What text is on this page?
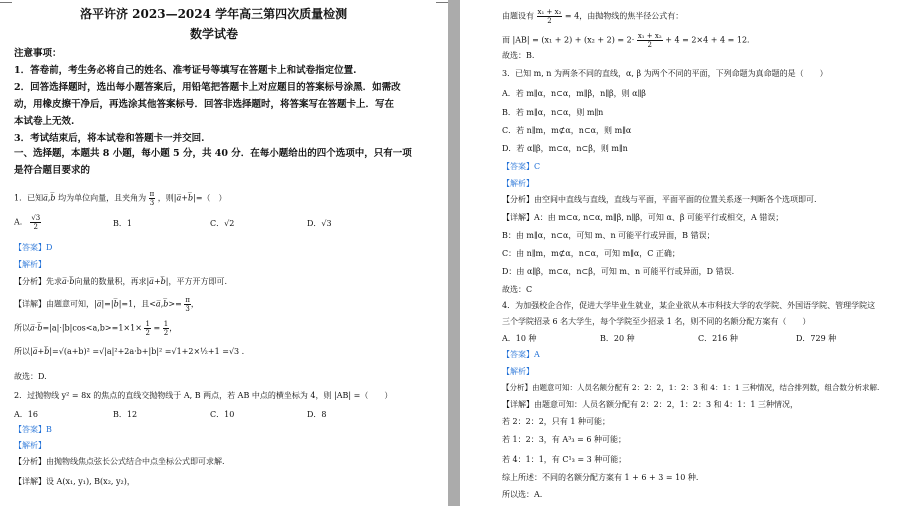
洛平许济 2023—2024 学年高三第四次质量检测
数学试卷
注意事项：
1．答卷前，考生务必将自己的姓名、准考证号等填写在答题卡上和试卷指定位置.
2．回答选择题时，选出每小题答案后，用铅笔把答题卡上对应题目的答案标号涂黑．如需改
动，用橡皮擦干净后，再选涂其他答案标号．回答非选择题时，将答案写在答题卡上．写在
本试卷上无效.
3．考试结束后，将本试卷和答题卡一并交回.
一、选择题，本题共 8 小题，每小题 5 分，共 40 分．在每小题给出的四个选项中，只有一项
是符合题目要求的
1．已知a̅,b̅ 均为单位向量，且夹角为 $\frac{\pi}{3}$ ，则|a̅+b̅|=（　）
A． $\frac{√3}{2}$	B．1	C．√2	D．√3
【答案】D
【解析】
【分析】先求a̅·b̅向量的数量积，再求|a̅+b̅|，平方开方即可.
【详解】由题意可知，|a̅|=|b̅|=1，且<a̅,b̅>= $\frac{\pi}{3}$ ，
所以a̅·b̅=|a|·|b|cos<a,b>=1×1× $\frac{1}{2} = \frac{1}{2}$ ，
所以|a̅+b̅|=√(a+b)² =√|a|²+2a·b+|b|² =√1+2×½+1 =√3 .
故选：D.
2．过抛物线 y² = 8x 的焦点的直线交抛物线于 A, B 两点，若 AB 中点的横坐标为 4，则 |AB| =（　　）
A．16	B．12	C．10	D．8
【答案】B
【解析】
【分析】由抛物线焦点弦长公式结合中点坐标公式即可求解.
【详解】设 A(x₁, y₁), B(x₂, y₂)，
由题设有 $\frac{\text{x₁ + x₂}}{2} = 4$，由抛物线的焦半径公式有：
而 $|AB| = (x_1 + 2) + (x_2 + 2) = 2\cdot \frac{\text{x₁ + x₂}}{2} + 4 = 2\times 4 + 4 = 12$．
故选：B.
3．已知 m, n 为两条不同的直线，α, β 为两个不同的平面，下列命题为真命题的是（　　）
A．若 m∥α，n⊂α，m∥β，n∥β，则 α∥β
B．若 m∥α，n⊂α，则 m∥n
C．若 n∥m，m⊄α，n⊂α，则 m∥α
D．若 α∥β，m⊂α，n⊂β，则 m∥n
【答案】C
【解析】
【分析】由空间中直线与直线，直线与平面，平面平面的位置关系逐一判断各个选项即可.
【详解】A：由 m⊂α, n⊂α, m∥β, n∥β，可知 α、β 可能平行或相交，A 错误；
B：由 m∥α，n⊂α，可知 m、n 可能平行或异面，B 错误；
C：由 n∥m，m⊄α，n⊂α，可知 m∥α，C 正确；
D：由 α∥β，m⊂α，n⊂β，可知 m、n 可能平行或异面，D 错误.
故选：C
4．为加强校企合作，促进大学毕业生就业，某企业欲从本市科技大学的农学院、外国语学院、管理学院这
三个学院招录 6 名大学生，每个学院至少招录 1 名，则不同的名额分配方案有（　　）
A．10 种	B．20 种	C．216 种	D．729 种
【答案】A
【解析】
【分析】由题意可知：人员名额分配有 2：2：2，1：2：3 和 4：1：1 三种情况，结合排列数，组合数分析求解.
【详解】由题意可知：人员名额分配有 2：2：2，1：2：3 和 4：1：1 三种情况，
若 2：2：2，只有 1 种可能；
若 1：2：3，有 A³₃ = 6 种可能；
若 4：1：1，有 C¹₃ = 3 种可能；
综上所述：不同的名额分配方案有 1 + 6 + 3 = 10 种.
所以选：A.
